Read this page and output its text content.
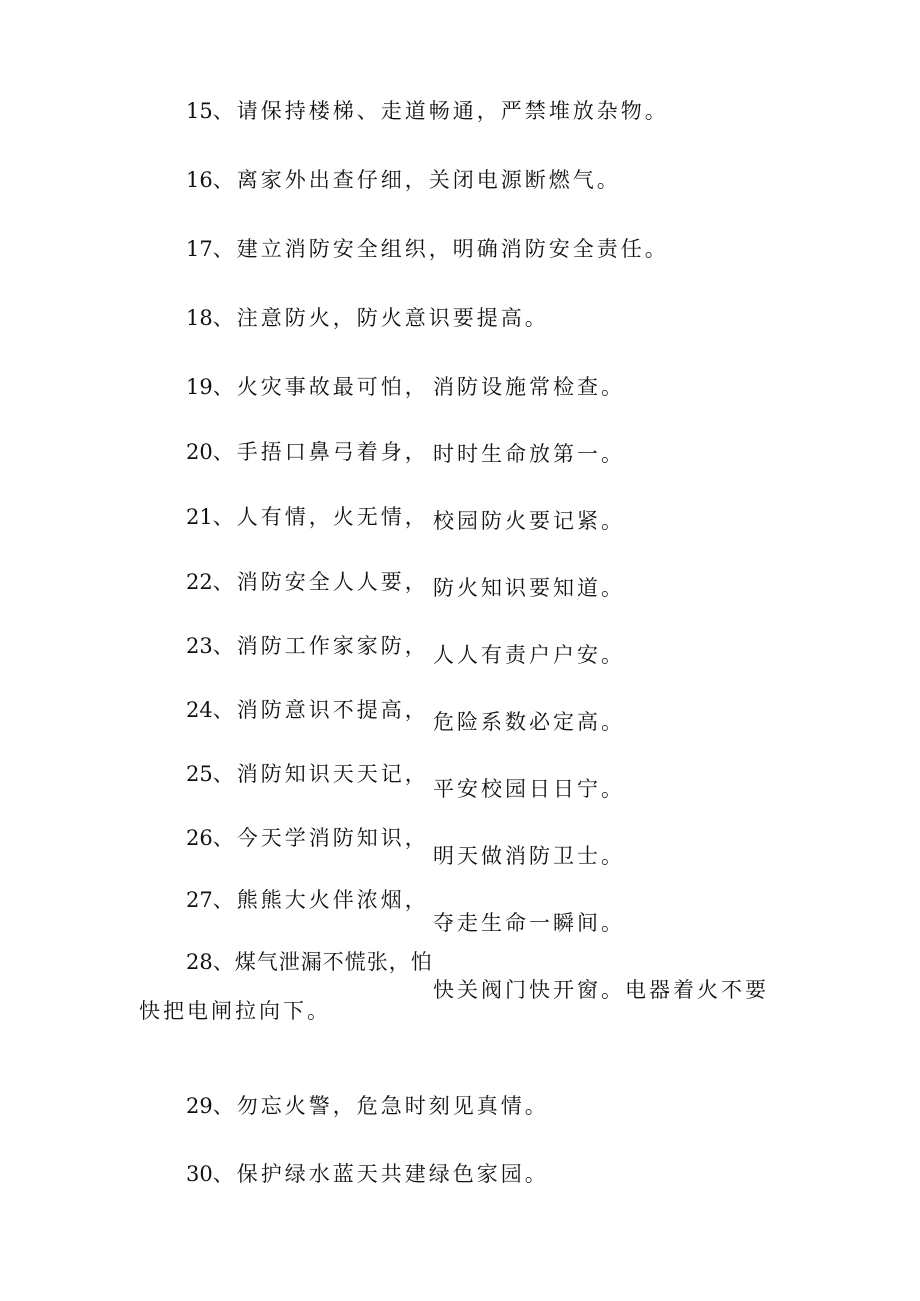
15、请保持楼梯、走道畅通，严禁堆放杂物。
16、离家外出查仔细，关闭电源断燃气。
17、建立消防安全组织，明确消防安全责任。
18、注意防火，防火意识要提高。
19、火灾事故最可怕， 消防设施常检查。
20、手捂口鼻弓着身， 时时生命放第一。
21、人有情，火无情， 校园防火要记紧。
22、消防安全人人要， 防火知识要知道。
23、消防工作家家防， 人人有责户户安。
24、消防意识不提高， 危险系数必定高。
25、消防知识天天记，
平安校园日日宁。
26、今天学消防知识，
明天做消防卫士。
27、熊熊大火伴浓烟，
夺走生命一瞬间。
28、煤气泄漏不慌张，怕
快关阀门快开窗。电器着火不要
快把电闸拉向下。
29、勿忘火警，危急时刻见真情。
30、保护绿水蓝天共建绿色家园。
